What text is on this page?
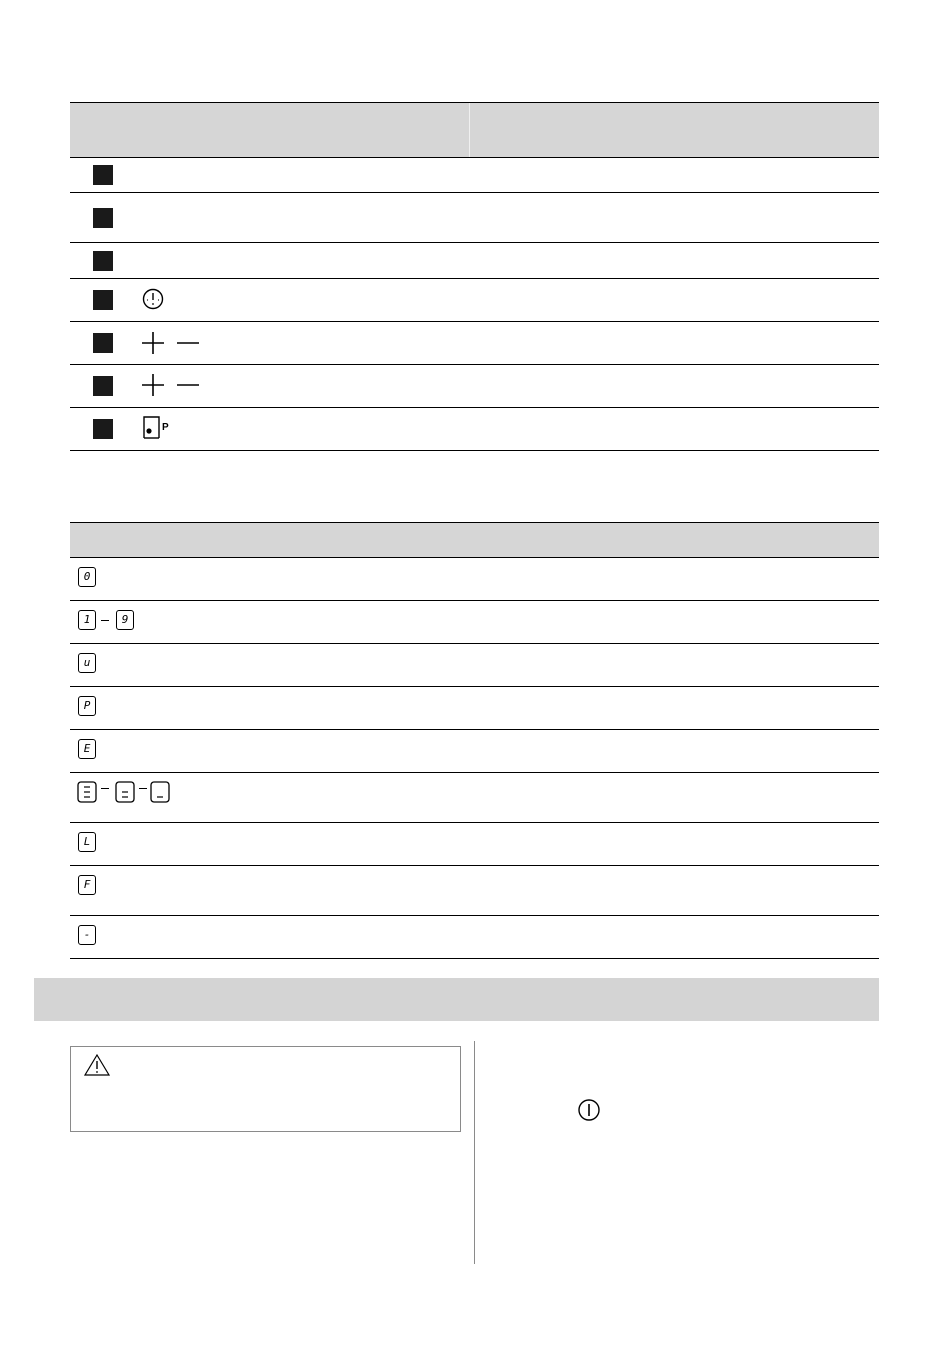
P
0
1	9
u
P
E
L
F
-
